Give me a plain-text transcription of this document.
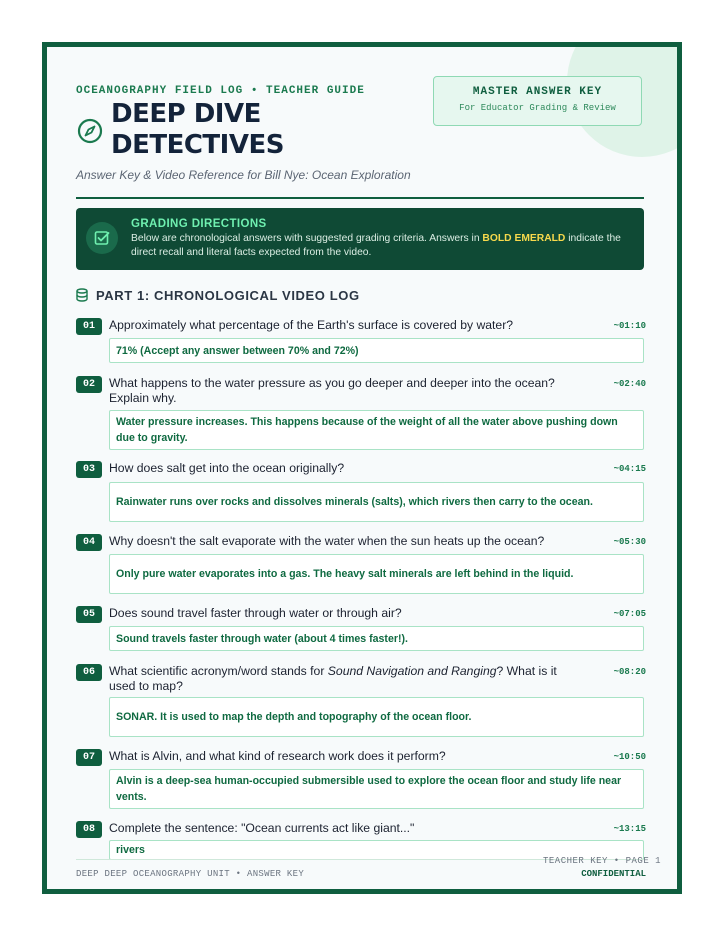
OCEANOGRAPHY FIELD LOG • TEACHER GUIDE
DEEP DIVE
DETECTIVES
Answer Key & Video Reference for Bill Nye: Ocean Exploration
MASTER ANSWER KEY
For Educator Grading & Review
GRADING DIRECTIONS
Below are chronological answers with suggested grading criteria. Answers in BOLD EMERALD indicate the direct recall and literal facts expected from the video.
PART 1: CHRONOLOGICAL VIDEO LOG
01	Approximately what percentage of the Earth's surface is covered by water?	~01:10
71% (Accept any answer between 70% and 72%)
02	What happens to the water pressure as you go deeper and deeper into the ocean? Explain why.
~02:40
Water pressure increases. This happens because of the weight of all the water above pushing down due to gravity.
03	How does salt get into the ocean originally?	~04:15
Rainwater runs over rocks and dissolves minerals (salts), which rivers then carry to the ocean.
04	Why doesn't the salt evaporate with the water when the sun heats up the ocean?	~05:30
Only pure water evaporates into a gas. The heavy salt minerals are left behind in the liquid.
05	Does sound travel faster through water or through air?	~07:05
Sound travels faster through water (about 4 times faster!).
06	What scientific acronym/word stands for Sound Navigation and Ranging? What is it used to map?
~08:20
SONAR. It is used to map the depth and topography of the ocean floor.
07	What is Alvin, and what kind of research work does it perform?	~10:50
Alvin is a deep-sea human-occupied submersible used to explore the ocean floor and study life near vents.
08	Complete the sentence: "Ocean currents act like giant..."	~13:15
rivers
DEEP DEEP OCEANOGRAPHY UNIT • ANSWER KEY	CONFIDENTIAL
TEACHER KEY • PAGE 1
